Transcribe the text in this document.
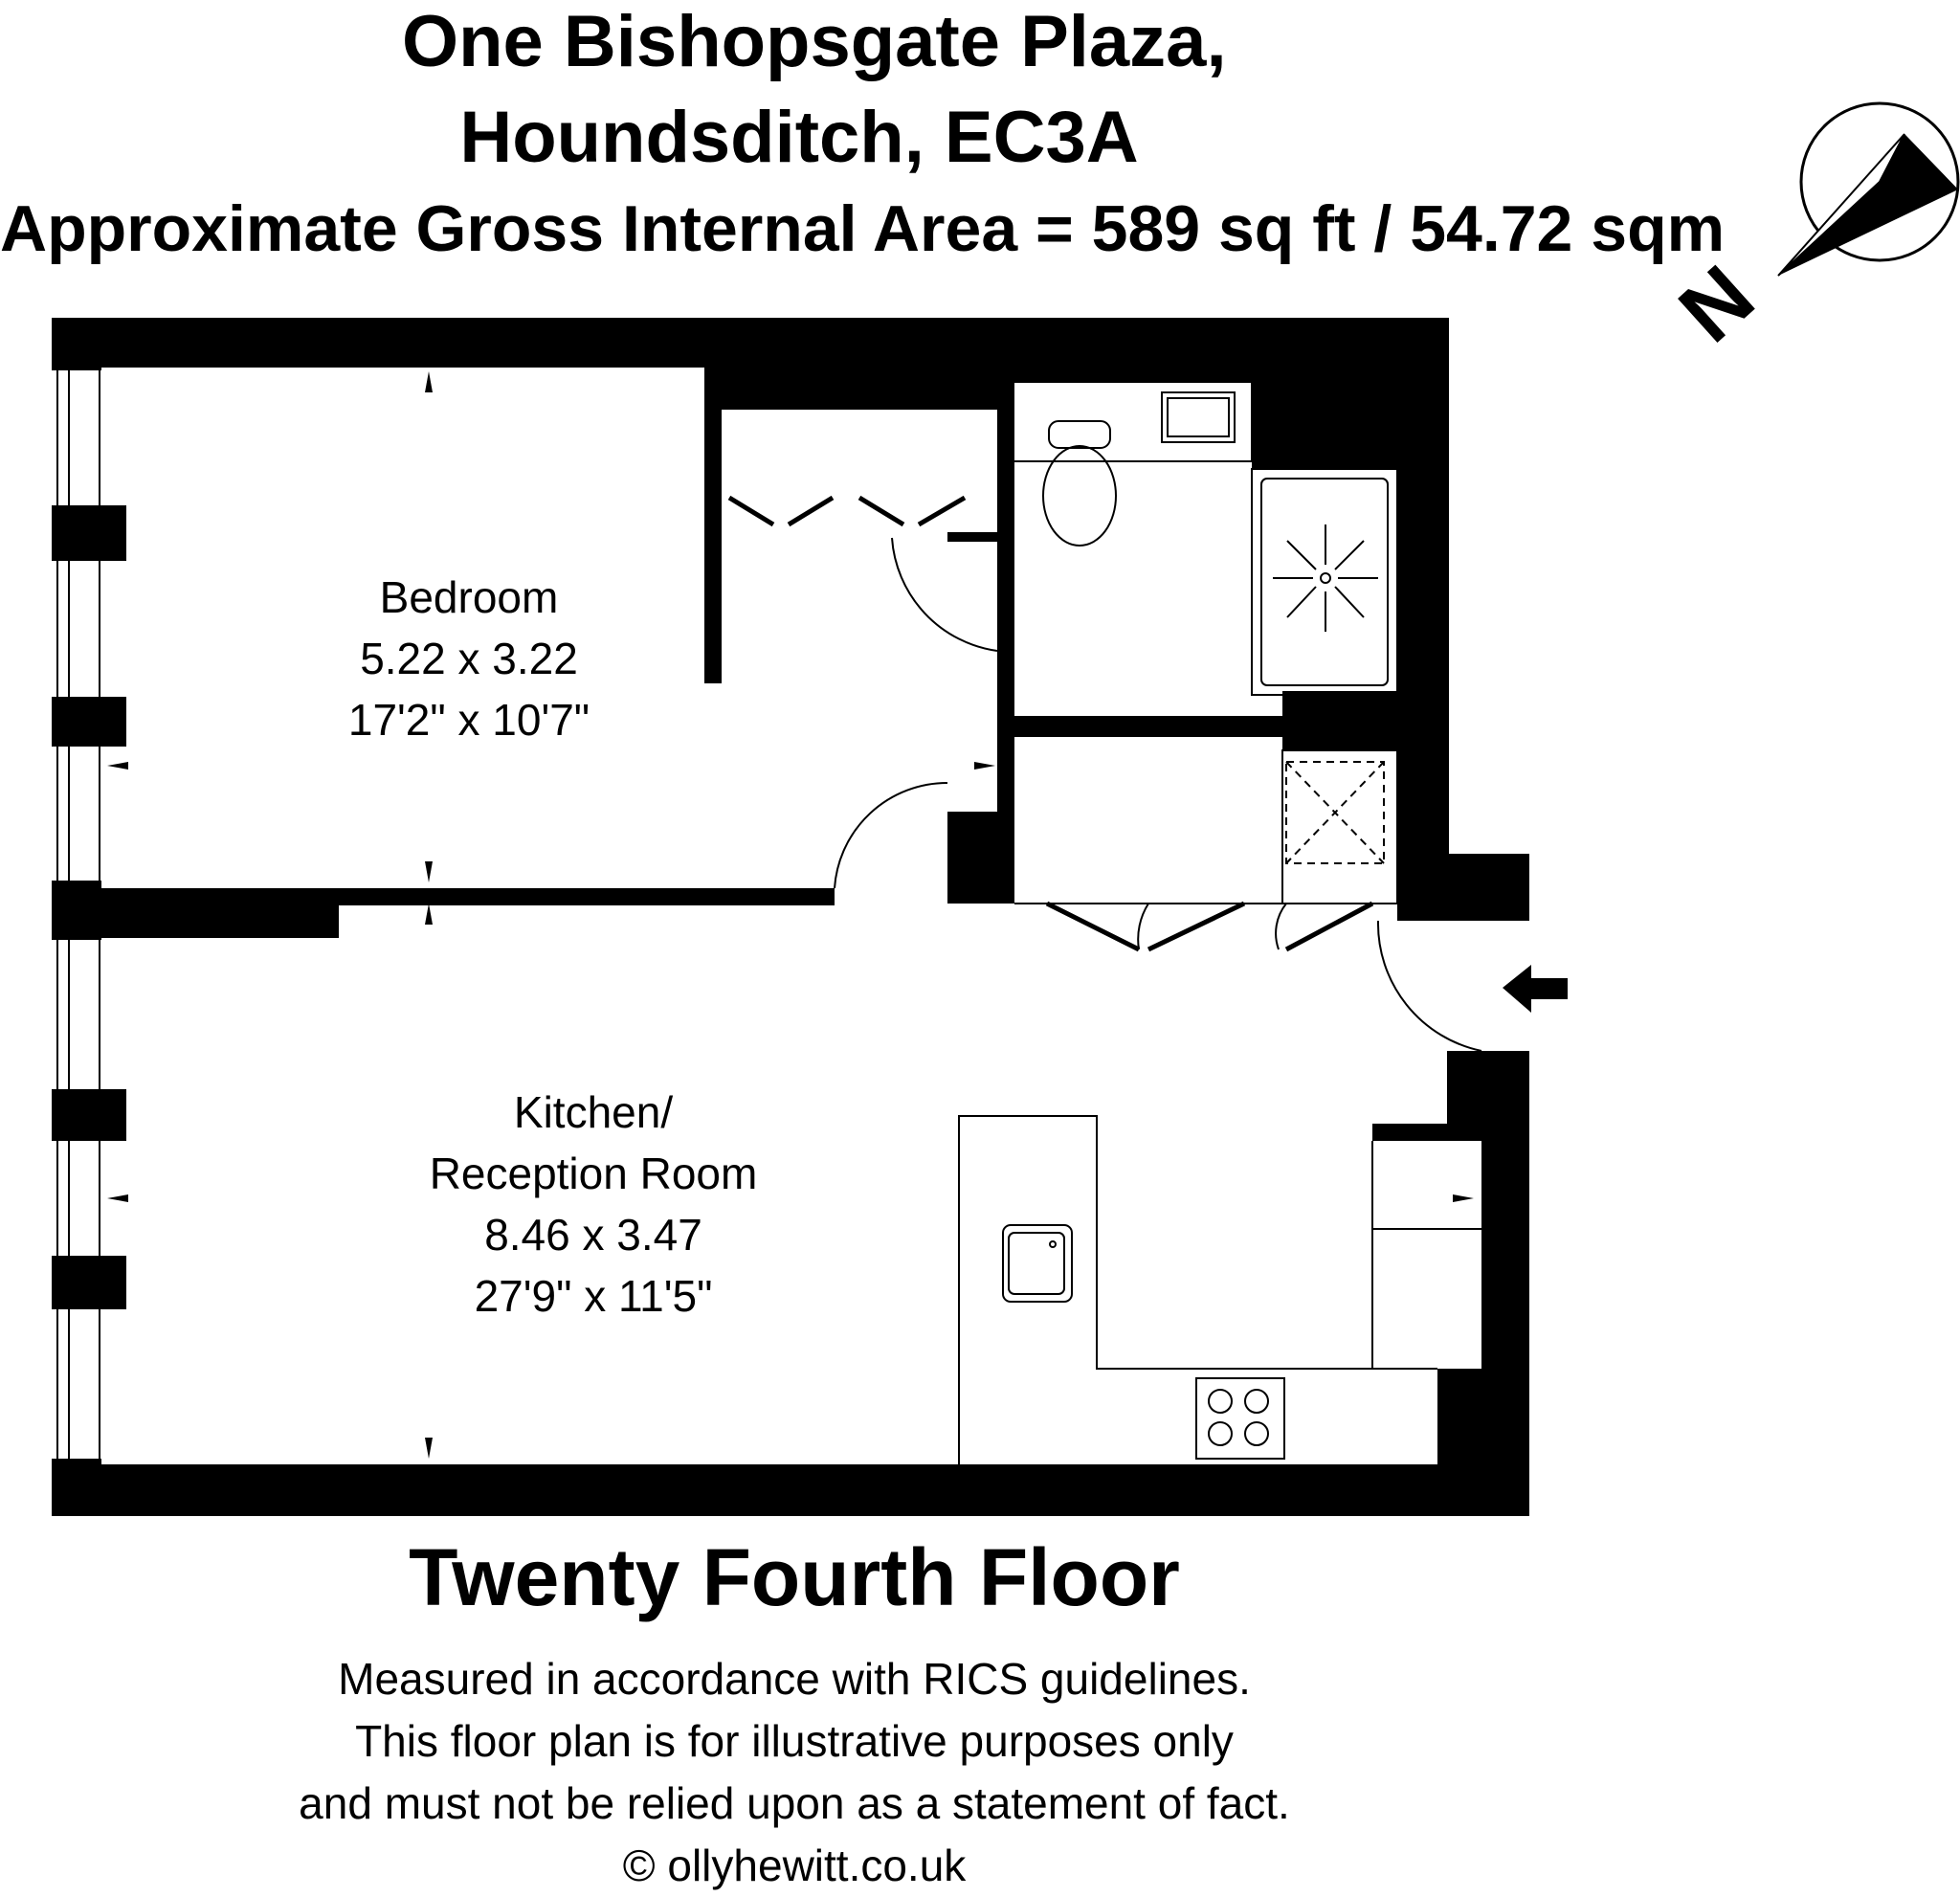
N
One Bishopsgate Plaza,
Houndsditch, EC3A
Approximate Gross Internal Area = 589 sq ft / 54.72 sqm
Bedroom
5.22 x 3.22
17'2" x 10'7"
Kitchen/
Reception Room
8.46 x 3.47
27'9" x 11'5"
Twenty Fourth Floor
Measured in accordance with RICS guidelines.
This floor plan is for illustrative purposes only
and must not be relied upon as a statement of fact.
© ollyhewitt.co.uk
